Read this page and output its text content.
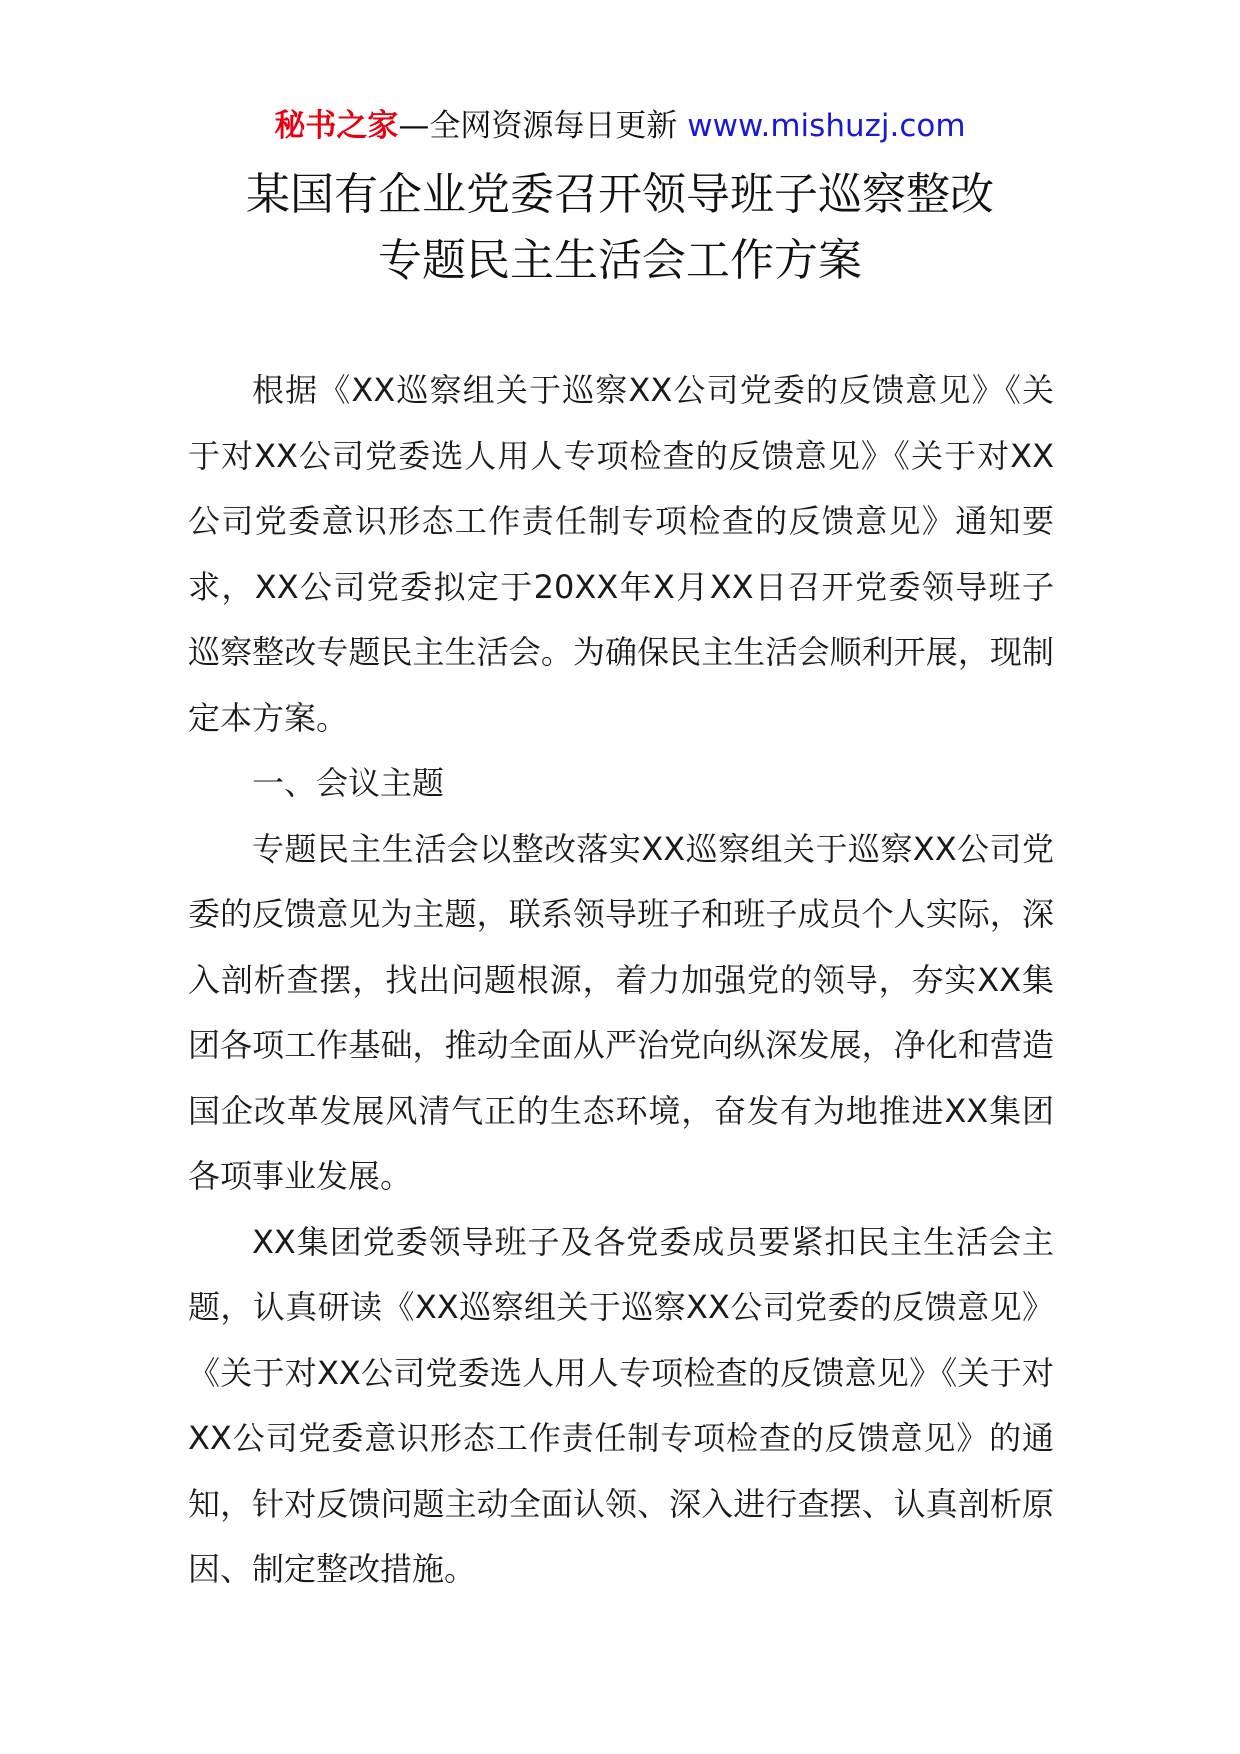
秘书之家—全网资源每日更新 www.mishuzj.com
某国有企业党委召开领导班子巡察整改
专题民主生活会工作方案

根据《XX巡察组关于巡察XX公司党委的反馈意见》《关于对XX公司党委选人用人专项检查的反馈意见》《关于对XX公司党委意识形态工作责任制专项检查的反馈意见》通知要求，XX公司党委拟定于20XX年X月XX日召开党委领导班子巡察整改专题民主生活会。为确保民主生活会顺利开展，现制定本方案。

一、会议主题

专题民主生活会以整改落实XX巡察组关于巡察XX公司党委的反馈意见为主题，联系领导班子和班子成员个人实际，深入剖析查摆，找出问题根源，着力加强党的领导，夯实XX集团各项工作基础，推动全面从严治党向纵深发展，净化和营造国企改革发展风清气正的生态环境，奋发有为地推进XX集团各项事业发展。

XX集团党委领导班子及各党委成员要紧扣民主生活会主题，认真研读《XX巡察组关于巡察XX公司党委的反馈意见》《关于对XX公司党委选人用人专项检查的反馈意见》《关于对XX公司党委意识形态工作责任制专项检查的反馈意见》的通知，针对反馈问题主动全面认领、深入进行查摆、认真剖析原因、制定整改措施。
